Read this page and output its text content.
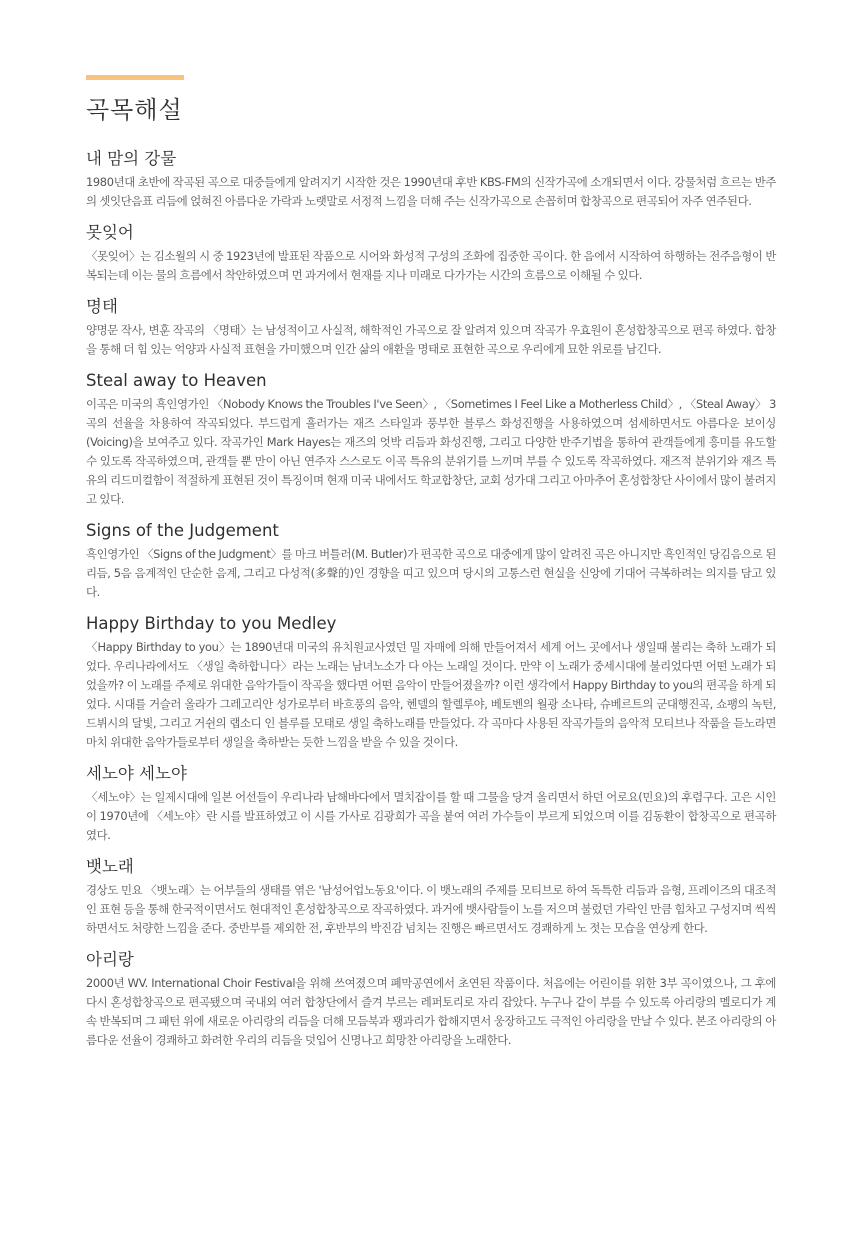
곡목해설
내 맘의 강물

1980년대 초반에 작곡된 곡으로 대중들에게 알려지기 시작한 것은 1990년대 후반 KBS-FM의 신작가곡에 소개되면서 이다. 강물처럼 흐르는 반주의 셋잇단음표 리듬에 얹혀진 아름다운 가락과 노랫말로 서정적 느낌을 더해 주는 신작가곡으로 손꼽히며 합창곡으로 편곡되어 자주 연주된다.

못잊어

〈못잊어〉는 김소월의 시 중 1923년에 발표된 작품으로 시어와 화성적 구성의 조화에 집중한 곡이다. 한 음에서 시작하여 하행하는 전주음형이 반복되는데 이는 물의 흐름에서 착안하였으며 먼 과거에서 현재를 지나 미래로 다가가는 시간의 흐름으로 이해될 수 있다.

명태

양명문 작사, 변훈 작곡의 〈명태〉는 남성적이고 사실적, 해학적인 가곡으로 잘 알려져 있으며 작곡가 우효원이 혼성합창곡으로 편곡 하였다. 합창을 통해 더 힘 있는 억양과 사실적 표현을 가미했으며 인간 삶의 애환을 명태로 표현한 곡으로 우리에게 묘한 위로를 남긴다.

Steal away to Heaven

이곡은 미국의 흑인영가인 〈Nobody Knows the Troubles I've Seen〉, 〈Sometimes I Feel Like a Motherless Child〉, 〈Steal Away〉 3곡의 선율을 차용하여 작곡되었다. 부드럽게 흘러가는 재즈 스타일과 풍부한 블루스 화성진행을 사용하였으며 섬세하면서도 아름다운 보이싱(Voicing)을 보여주고 있다. 작곡가인 Mark Hayes는 재즈의 엇박 리듬과 화성진행, 그리고 다양한 반주기법을 통하여 관객들에게 흥미를 유도할 수 있도록 작곡하였으며, 관객들 뿐 만이 아닌 연주자 스스로도 이곡 특유의 분위기를 느끼며 부를 수 있도록 작곡하였다. 재즈적 분위기와 재즈 특유의 리드미컬함이 적절하게 표현된 것이 특징이며 현재 미국 내에서도 학교합창단, 교회 성가대 그리고 아마추어 혼성합창단 사이에서 많이 불려지고 있다.

Signs of the Judgement

흑인영가인 〈Signs of the Judgment〉를 마크 버틀러(M. Butler)가 편곡한 곡으로 대중에게 많이 알려진 곡은 아니지만 흑인적인 당김음으로 된 리듬, 5음 음계적인 단순한 음계, 그리고 다성적(多聲的)인 경향을 띠고 있으며 당시의 고통스런 현실을 신앙에 기대어 극복하려는 의지를 담고 있다.

Happy Birthday to you Medley

〈Happy Birthday to you〉는 1890년대 미국의 유치원교사였던 밀 자매에 의해 만들어져서 세계 어느 곳에서나 생일때 불리는 축하 노래가 되었다. 우리나라에서도 〈생일 축하합니다〉라는 노래는 남녀노소가 다 아는 노래일 것이다. 만약 이 노래가 중세시대에 불리었다면 어떤 노래가 되었을까? 이 노래를 주제로 위대한 음악가들이 작곡을 했다면 어떤 음악이 만들어졌을까? 이런 생각에서 Happy Birthday to you의 편곡을 하게 되었다. 시대를 거슬러 올라가 그레고리안 성가로부터 바흐풍의 음악, 헨델의 할렐루야, 베토벤의 월광 소나타, 슈베르트의 군대행진곡, 쇼팽의 녹턴, 드뷔시의 달빛, 그리고 거쉰의 랩소디 인 블루를 모태로 생일 축하노래를 만들었다. 각 곡마다 사용된 작곡가들의 음악적 모티브나 작품을 듣노라면 마치 위대한 음악가들로부터 생일을 축하받는 듯한 느낌을 받을 수 있을 것이다.

세노야 세노야

〈세노야〉는 일제시대에 일본 어선들이 우리나라 남해바다에서 멸치잡이를 할 때 그물을 당겨 올리면서 하던 어로요(민요)의 후렴구다. 고은 시인이 1970년에 〈세노야〉란 시를 발표하였고 이 시를 가사로 김광희가 곡을 붙여 여러 가수들이 부르게 되었으며 이를 김동환이 합창곡으로 편곡하였다.

뱃노래

경상도 민요 〈뱃노래〉는 어부들의 생태를 엮은 '남성어업노동요'이다. 이 뱃노래의 주제를 모티브로 하여 독특한 리듬과 음형, 프레이즈의 대조적인 표현 등을 통해 한국적이면서도 현대적인 혼성합창곡으로 작곡하였다. 과거에 뱃사람들이 노를 저으며 불렀던 가락인 만큼 힘차고 구성지며 씩씩하면서도 처량한 느낌을 준다. 중반부를 제외한 전, 후반부의 박진감 넘치는 진행은 빠르면서도 경쾌하게 노 젓는 모습을 연상케 한다.

아리랑

2000년 WV. International Choir Festival을 위해 쓰여졌으며 폐막공연에서 초연된 작품이다. 처음에는 어린이를 위한 3부 곡이였으나, 그 후에 다시 혼성합창곡으로 편곡됐으며 국내외 여러 합창단에서 즐겨 부르는 레퍼토리로 자리 잡았다. 누구나 같이 부를 수 있도록 아리랑의 멜로디가 계속 반복되며 그 패턴 위에 새로운 아리랑의 리듬을 더해 모듬북과 꽹과리가 합해지면서 웅장하고도 극적인 아리랑을 만날 수 있다. 본조 아리랑의 아름다운 선율이 경쾌하고 화려한 우리의 리듬을 덧입어 신명나고 희망찬 아리랑을 노래한다.
